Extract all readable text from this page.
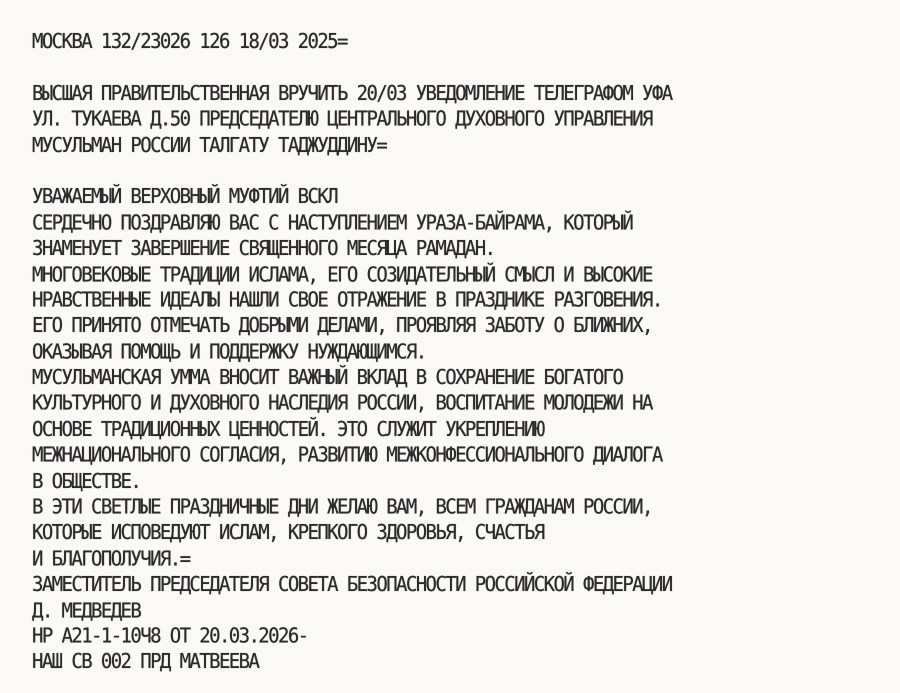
МОСКВА 132/23026 126 18/03 2025=
ВЫСШАЯ ПРАВИТЕЛЬСТВЕННАЯ ВРУЧИТЬ 20/03 УВЕДОМЛЕНИЕ ТЕЛЕГРАФОМ УФА
УЛ. ТУКАЕВА Д.50 ПРЕДСЕДАТЕЛЮ ЦЕНТРАЛЬНОГО ДУХОВНОГО УПРАВЛЕНИЯ
МУСУЛЬМАН РОССИИ ТАЛГАТУ ТАДЖУДДИНУ=
УВАЖАЕМЫЙ ВЕРХОВНЫЙ МУФТИЙ ВСКЛ
СЕРДЕЧНО ПОЗДРАВЛЯЮ ВАС С НАСТУПЛЕНИЕМ УРАЗА-БАЙРАМА, КОТОРЫЙ
ЗНАМЕНУЕТ ЗАВЕРШЕНИЕ СВЯЩЕННОГО МЕСЯЦА РАМАДАН.
МНОГОВЕКОВЫЕ ТРАДИЦИИ ИСЛАМА, ЕГО СОЗИДАТЕЛЬНЫЙ СМЫСЛ И ВЫСОКИЕ
НРАВСТВЕННЫЕ ИДЕАЛЫ НАШЛИ СВОЕ ОТРАЖЕНИЕ В ПРАЗДНИКЕ РАЗГОВЕНИЯ.
ЕГО ПРИНЯТО ОТМЕЧАТЬ ДОБРЫМИ ДЕЛАМИ, ПРОЯВЛЯЯ ЗАБОТУ О БЛИЖНИХ,
ОКАЗЫВАЯ ПОМОЩЬ И ПОДДЕРЖКУ НУЖДАЮЩИМСЯ.
МУСУЛЬМАНСКАЯ УММА ВНОСИТ ВАЖНЫЙ ВКЛАД В СОХРАНЕНИЕ БОГАТОГО
КУЛЬТУРНОГО И ДУХОВНОГО НАСЛЕДИЯ РОССИИ, ВОСПИТАНИЕ МОЛОДЕЖИ НА
ОСНОВЕ ТРАДИЦИОННЫХ ЦЕННОСТЕЙ. ЭТО СЛУЖИТ УКРЕПЛЕНИЮ
МЕЖНАЦИОНАЛЬНОГО СОГЛАСИЯ, РАЗВИТИЮ МЕЖКОНФЕССИОНАЛЬНОГО ДИАЛОГА
В ОБЩЕСТВЕ.
В ЭТИ СВЕТЛЫЕ ПРАЗДНИЧНЫЕ ДНИ ЖЕЛАЮ ВАМ, ВСЕМ ГРАЖДАНАМ РОССИИ,
КОТОРЫЕ ИСПОВЕДУЮТ ИСЛАМ, КРЕПКОГО ЗДОРОВЬЯ, СЧАСТЬЯ
И БЛАГОПОЛУЧИЯ.=
ЗАМЕСТИТЕЛЬ ПРЕДСЕДАТЕЛЯ СОВЕТА БЕЗОПАСНОСТИ РОССИЙСКОЙ ФЕДЕРАЦИИ
Д. МЕДВЕДЕВ
НР А21-1-10Ч8 ОТ 20.03.2026-
НАШ СВ 002 ПРД МАТВЕЕВА
